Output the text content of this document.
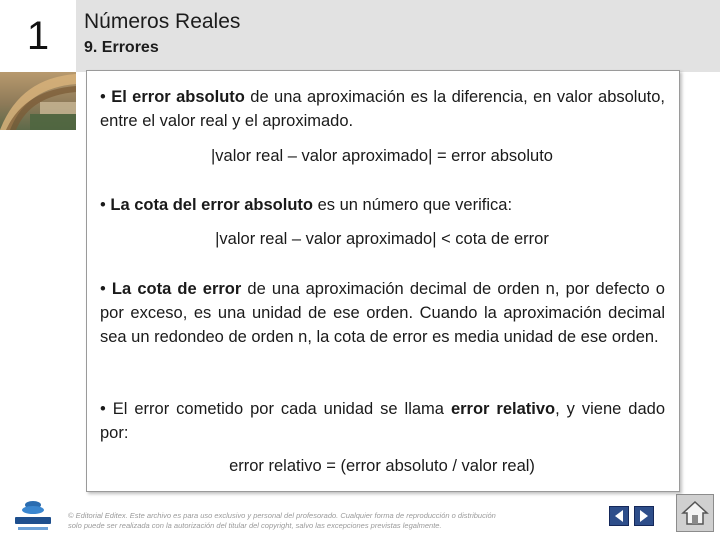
1	Números Reales
9. Errores
• El error absoluto de una aproximación es la diferencia, en valor absoluto, entre el valor real y el aproximado.
|valor real – valor aproximado| = error absoluto
• La cota del error absoluto es un número que verifica:
|valor real – valor aproximado| < cota de error
• La cota de error de una aproximación decimal de orden n, por defecto o por exceso, es una unidad de ese orden. Cuando la aproximación decimal sea un redondeo de orden n, la cota de error es media unidad de ese orden.
• El error cometido por cada unidad se llama error relativo, y viene dado por:
error relativo = (error absoluto / valor real)
© Editorial Editex. Este archivo es para uso exclusivo y personal del profesorado. Cualquier forma de reproducción o distribución solo puede ser realizada con la autorización del titular del copyright, salvo las excepciones previstas legalmente.
